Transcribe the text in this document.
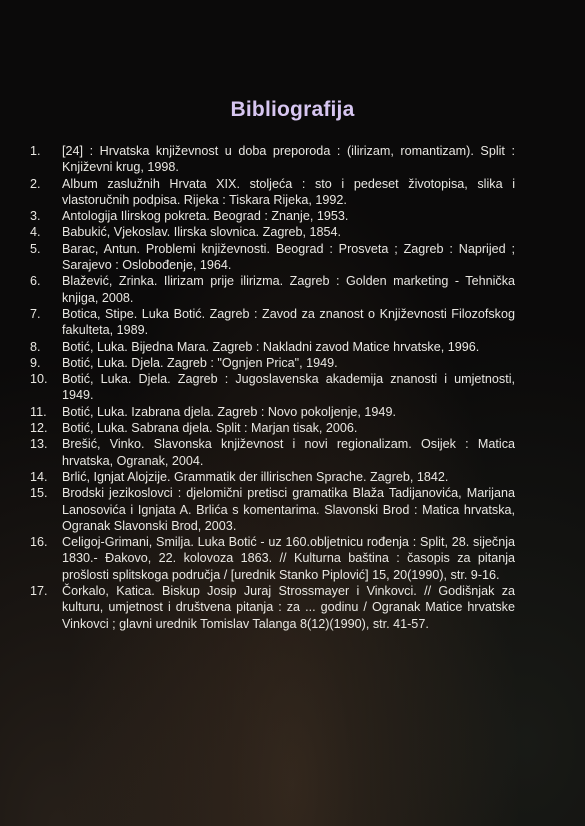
Bibliografija
1.	[24] : Hrvatska književnost u doba preporoda : (ilirizam, romantizam). Split : Književni krug, 1998.
2.	Album zaslužnih Hrvata XIX. stoljeća : sto i pedeset životopisa, slika i vlastoručnih podpisa. Rijeka : Tiskara Rijeka, 1992.
3.	Antologija Ilirskog pokreta. Beograd : Znanje, 1953.
4.	Babukić, Vjekoslav. Ilirska slovnica. Zagreb, 1854.
5.	Barac, Antun. Problemi književnosti. Beograd : Prosveta ; Zagreb : Naprijed ; Sarajevo : Oslobođenje, 1964.
6.	Blažević, Zrinka. Ilirizam prije ilirizma. Zagreb : Golden marketing - Tehnička knjiga, 2008.
7.	Botica, Stipe. Luka Botić. Zagreb : Zavod za znanost o Književnosti Filozofskog fakulteta, 1989.
8.	Botić, Luka. Bijedna Mara. Zagreb : Nakladni zavod Matice hrvatske, 1996.
9.	Botić, Luka. Djela. Zagreb : "Ognjen Prica", 1949.
10.	Botić, Luka. Djela. Zagreb : Jugoslavenska akademija znanosti i umjetnosti, 1949.
11.	Botić, Luka. Izabrana djela. Zagreb : Novo pokoljenje, 1949.
12.	Botić, Luka. Sabrana djela. Split : Marjan tisak, 2006.
13.	Brešić, Vinko. Slavonska književnost i novi regionalizam. Osijek : Matica hrvatska, Ogranak, 2004.
14.	Brlić, Ignjat Alojzije. Grammatik der illirischen Sprache. Zagreb, 1842.
15.	Brodski jezikoslovci : djelomični pretisci gramatika Blaža Tadijanovića, Marijana Lanosovića i Ignjata A. Brlića s komentarima. Slavonski Brod : Matica hrvatska, Ogranak Slavonski Brod, 2003.
16.	Celigoj-Grimani, Smilja. Luka Botić - uz 160.obljetnicu rođenja : Split, 28. siječnja 1830.- Đakovo, 22. kolovoza 1863. // Kulturna baština : časopis za pitanja prošlosti splitskoga područja / [urednik Stanko Piplović] 15, 20(1990), str. 9-16.
17.	Čorkalo, Katica. Biskup Josip Juraj Strossmayer i Vinkovci. // Godišnjak za kulturu, umjetnost i društvena pitanja : za ... godinu / Ogranak Matice hrvatske Vinkovci ; glavni urednik Tomislav Talanga 8(12)(1990), str. 41-57.
